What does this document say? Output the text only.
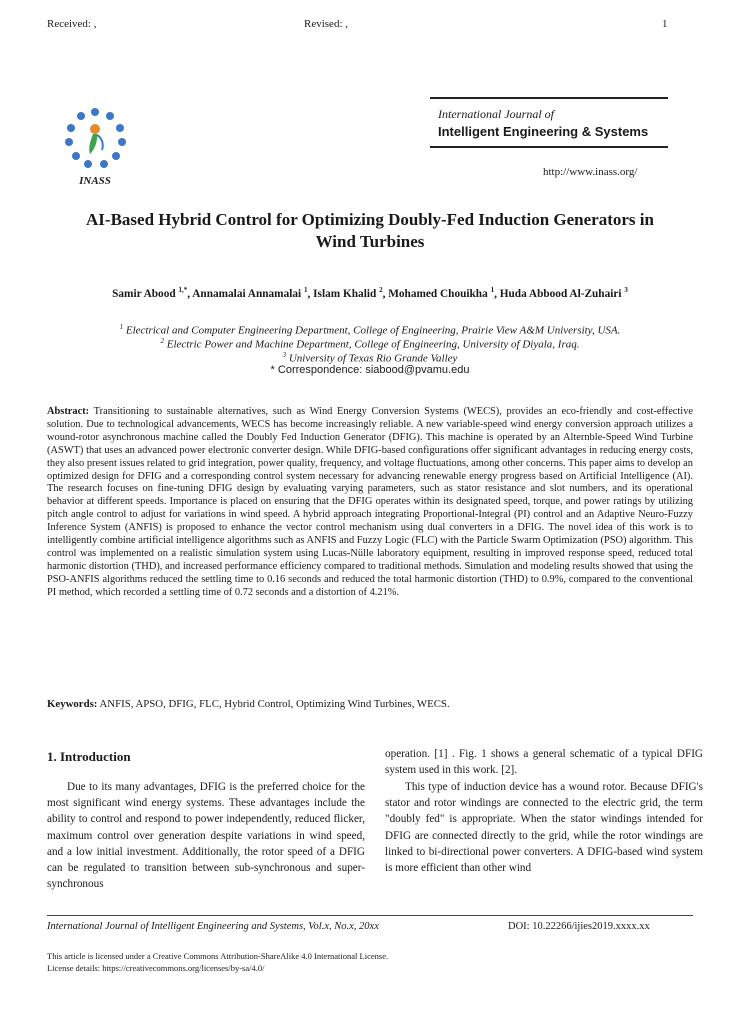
Received: ,	Revised: ,	1
INASS
International Journal of
Intelligent Engineering & Systems
http://www.inass.org/
AI-Based Hybrid Control for Optimizing Doubly-Fed Induction Generators in
Wind Turbines
Samir Abood $^{1,*}$, Annamalai Annamalai $^1$, Islam Khalid $^2$, Mohamed Chouikha $^1$, Huda Abbood Al-Zuhairi $^3$
$^1$ Electrical and Computer Engineering Department, College of Engineering, Prairie View A&M University, USA.
$^2$ Electric Power and Machine Department, College of Engineering, University of Diyala, Iraq.
$^3$ University of Texas Rio Grande Valley
* Correspondence: siabood@pvamu.edu
Abstract: Transitioning to sustainable alternatives, such as Wind Energy Conversion Systems (WECS), provides an eco-friendly and cost-effective solution. Due to technological advancements, WECS has become increasingly reliable. A new variable-speed wind energy conversion approach utilizes a wound-rotor asynchronous machine called the Doubly Fed Induction Generator (DFIG). This machine is operated by an Alternble-Speed Wind Turbine (ASWT) that uses an advanced power electronic converter design. While DFIG-based configurations offer significant advantages in reducing energy costs, they also present issues related to grid integration, power quality, frequency, and voltage fluctuations, among other concerns. This paper aims to develop an optimized design for DFIG and a corresponding control system necessary for advancing renewable energy progress based on Artificial Intelligence (AI). The research focuses on fine-tuning DFIG design by evaluating varying parameters, such as stator resistance and slot numbers, and its operational behavior at different speeds. Importance is placed on ensuring that the DFIG operates within its designated speed, torque, and power ratings by utilizing pitch angle control to adjust for variations in wind speed. A hybrid approach integrating Proportional-Integral (PI) control and an Adaptive Neuro-Fuzzy Inference System (ANFIS) is proposed to enhance the vector control mechanism using dual converters in a DFIG. The novel idea of this work is to intelligently combine artificial intelligence algorithms such as ANFIS and Fuzzy Logic (FLC) with the Particle Swarm Optimization (PSO) algorithm. This control was implemented on a realistic simulation system using Lucas-Nülle laboratory equipment, resulting in improved response speed, reduced total harmonic distortion (THD), and increased performance efficiency compared to traditional methods. Simulation and modeling results showed that using the PSO-ANFIS algorithms reduced the settling time to 0.16 seconds and reduced the total harmonic distortion (THD) to 0.9%, compared to the conventional PI method, which recorded a settling time of 0.72 seconds and a distortion of 4.21%.
Keywords: ANFIS, APSO, DFIG, FLC, Hybrid Control, Optimizing Wind Turbines, WECS.
1. Introduction
Due to its many advantages, DFIG is the preferred choice for the most significant wind energy systems. These advantages include the ability to control and respond to power independently, reduced flicker, maximum control over generation despite variations in wind speed, and a low initial investment. Additionally, the rotor speed of a DFIG can be regulated to transition between sub-synchronous and super-synchronous
operation. [1] . Fig. 1 shows a general schematic of a typical DFIG system used in this work. [2].
This type of induction device has a wound rotor. Because DFIG's stator and rotor windings are connected to the electric grid, the term "doubly fed" is appropriate. When the stator windings intended for DFIG are connected directly to the grid, while the rotor windings are linked to bi-directional power converters. A DFIG-based wind system is more efficient than other wind
International Journal of Intelligent Engineering and Systems, Vol.x, No.x, 20xx	DOI: 10.22266/ijies2019.xxxx.xx
This article is licensed under a Creative Commons Attribution-ShareAlike 4.0 International License.
License details: https://creativecommons.org/licenses/by-sa/4.0/
